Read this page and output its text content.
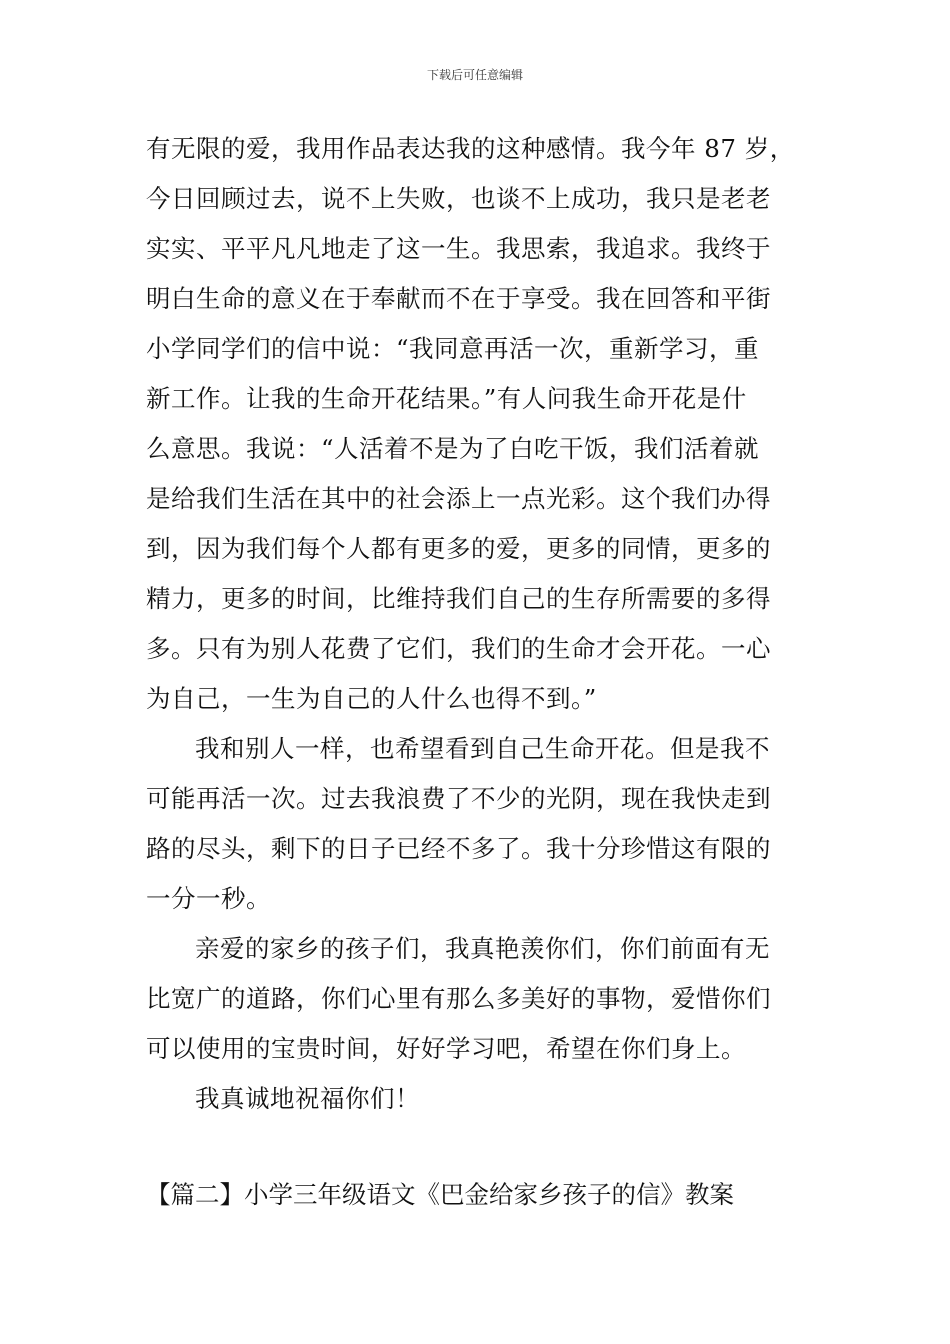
下载后可任意编辑
有无限的爱，我用作品表达我的这种感情。我今年 87 岁，
今日回顾过去，说不上失败，也谈不上成功，我只是老老
实实、平平凡凡地走了这一生。我思索，我追求。我终于
明白生命的意义在于奉献而不在于享受。我在回答和平街
小学同学们的信中说：“我同意再活一次，重新学习，重
新工作。让我的生命开花结果。”有人问我生命开花是什
么意思。我说：“人活着不是为了白吃干饭，我们活着就
是给我们生活在其中的社会添上一点光彩。这个我们办得
到，因为我们每个人都有更多的爱，更多的同情，更多的
精力，更多的时间，比维持我们自己的生存所需要的多得
多。只有为别人花费了它们，我们的生命才会开花。一心
为自己，一生为自己的人什么也得不到。”
我和别人一样，也希望看到自己生命开花。但是我不
可能再活一次。过去我浪费了不少的光阴，现在我快走到
路的尽头，剩下的日子已经不多了。我十分珍惜这有限的
一分一秒。
亲爱的家乡的孩子们，我真艳羡你们，你们前面有无
比宽广的道路，你们心里有那么多美好的事物，爱惜你们
可以使用的宝贵时间，好好学习吧，希望在你们身上。
我真诚地祝福你们！
【篇二】小学三年级语文《巴金给家乡孩子的信》教案
